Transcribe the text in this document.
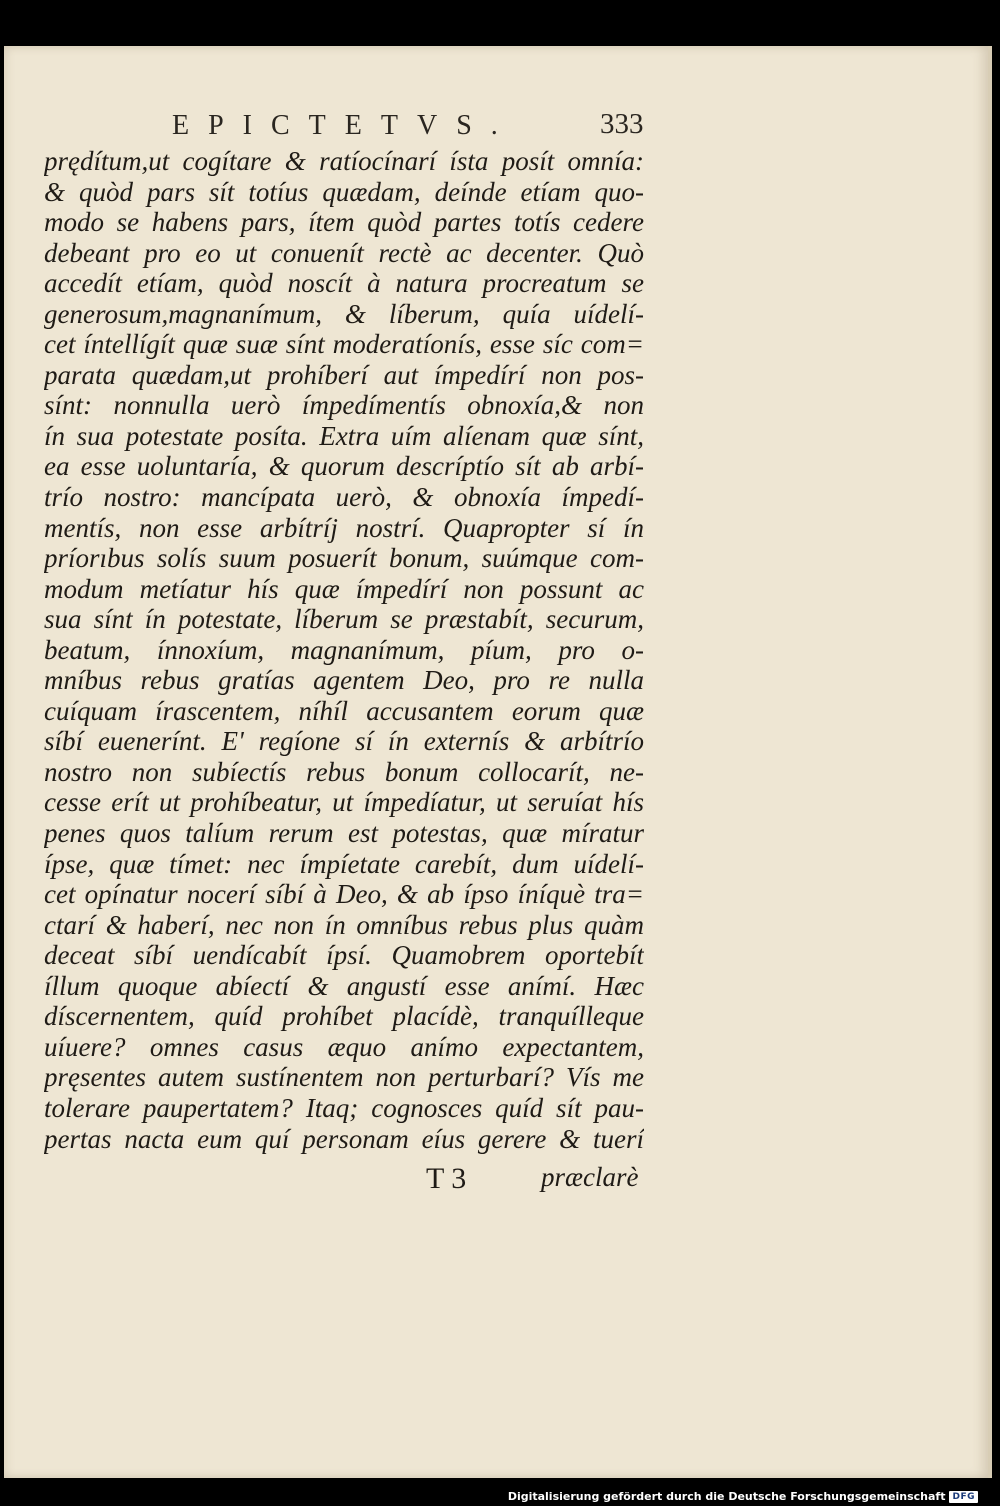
EPICTETVS.	333
prędítum,ut cogítare & ratíocínarí ísta posít omnía:
& quòd pars sít totíus quædam, deínde etíam quo-
modo se habens pars, ítem quòd partes totís cedere
debeant pro eo ut conuenít rectè ac decenter. Quò
accedít etíam, quòd noscít à natura procreatum se
generosum,magnanímum, & líberum, quía uídelí-
cet íntellígít quæ suæ sínt moderatíonís, esse síc com=
parata quædam,ut prohíberí aut ímpedírí non pos-
sínt: nonnulla uerò ímpedímentís obnoxía,& non
ín sua potestate posíta. Extra uím alíenam quæ sínt,
ea esse uoluntaría, & quorum descríptío sít ab arbí-
trío nostro: mancípata uerò, & obnoxía ímpedí-
mentís, non esse arbítríj nostrí. Quapropter sí ín
príorıbus solís suum posuerít bonum, suúmque com-
modum metíatur hís quæ ímpedírí non possunt ac
sua sínt ín potestate, líberum se præstabít, securum,
beatum, ínnoxíum, magnanímum, píum, pro o-
mníbus rebus gratías agentem Deo, pro re nulla
cuíquam írascentem, níhíl accusantem eorum quæ
síbí euenerínt. E' regíone sí ín externís & arbítrío
nostro non subíectís rebus bonum collocarít, ne-
cesse erít ut prohíbeatur, ut ímpedíatur, ut seruíat hís
penes quos talíum rerum est potestas, quæ míratur
ípse, quæ tímet: nec ímpíetate carebít, dum uídelí-
cet opínatur nocerí síbí à Deo, & ab ípso íníquè tra=
ctarí & haberí, nec non ín omníbus rebus plus quàm
deceat síbí uendícabít ípsí. Quamobrem oportebít
íllum quoque abíectí & angustí esse anímí. Hæc
díscernentem, quíd prohíbet placídè, tranquílleque
uíuere? omnes casus æquo anímo expectantem,
pręsentes autem sustínentem non perturbarí? Vís me
tolerare paupertatem? Itaq; cognosces quíd sít pau-
pertas nacta eum quí personam eíus gerere & tuerí
T 3	præclarè
Digitalisierung gefördert durch die Deutsche Forschungsgemeinschaft DFG
